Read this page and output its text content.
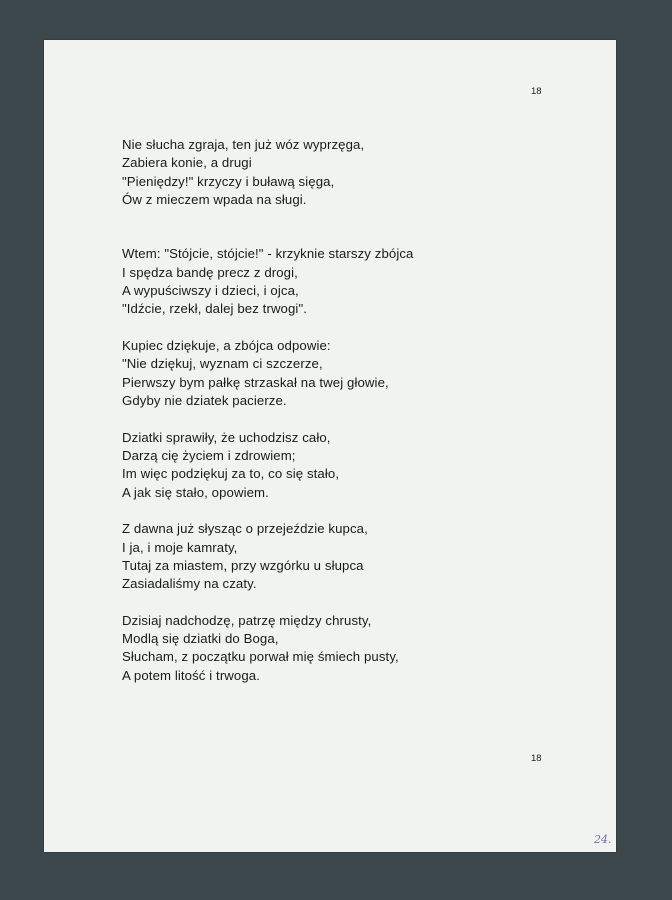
18

Nie słucha zgraja, ten już wóz wyprzęga,
Zabiera konie, a drugi
"Pieniędzy!" krzyczy i buławą sięga,
Ów z mieczem wpada na sługi.

Wtem: "Stójcie, stójcie!" - krzyknie starszy zbójca
I spędza bandę precz z drogi,
A wypuściwszy i dzieci, i ojca,
"Idźcie, rzekł, dalej bez trwogi".

Kupiec dziękuje, a zbójca odpowie:
"Nie dziękuj, wyznam ci szczerze,
Pierwszy bym pałkę strzaskał na twej głowie,
Gdyby nie dziatek pacierze.

Dziatki sprawiły, że uchodzisz cało,
Darzą cię życiem i zdrowiem;
Im więc podziękuj za to, co się stało,
A jak się stało, opowiem.

Z dawna już słysząc o przejeździe kupca,
I ja, i moje kamraty,
Tutaj za miastem, przy wzgórku u słupca
Zasiadaliśmy na czaty.

Dzisiaj nadchodzę, patrzę między chrusty,
Modlą się dziatki do Boga,
Słucham, z początku porwał mię śmiech pusty,
A potem litość i trwoga.

18
24.
